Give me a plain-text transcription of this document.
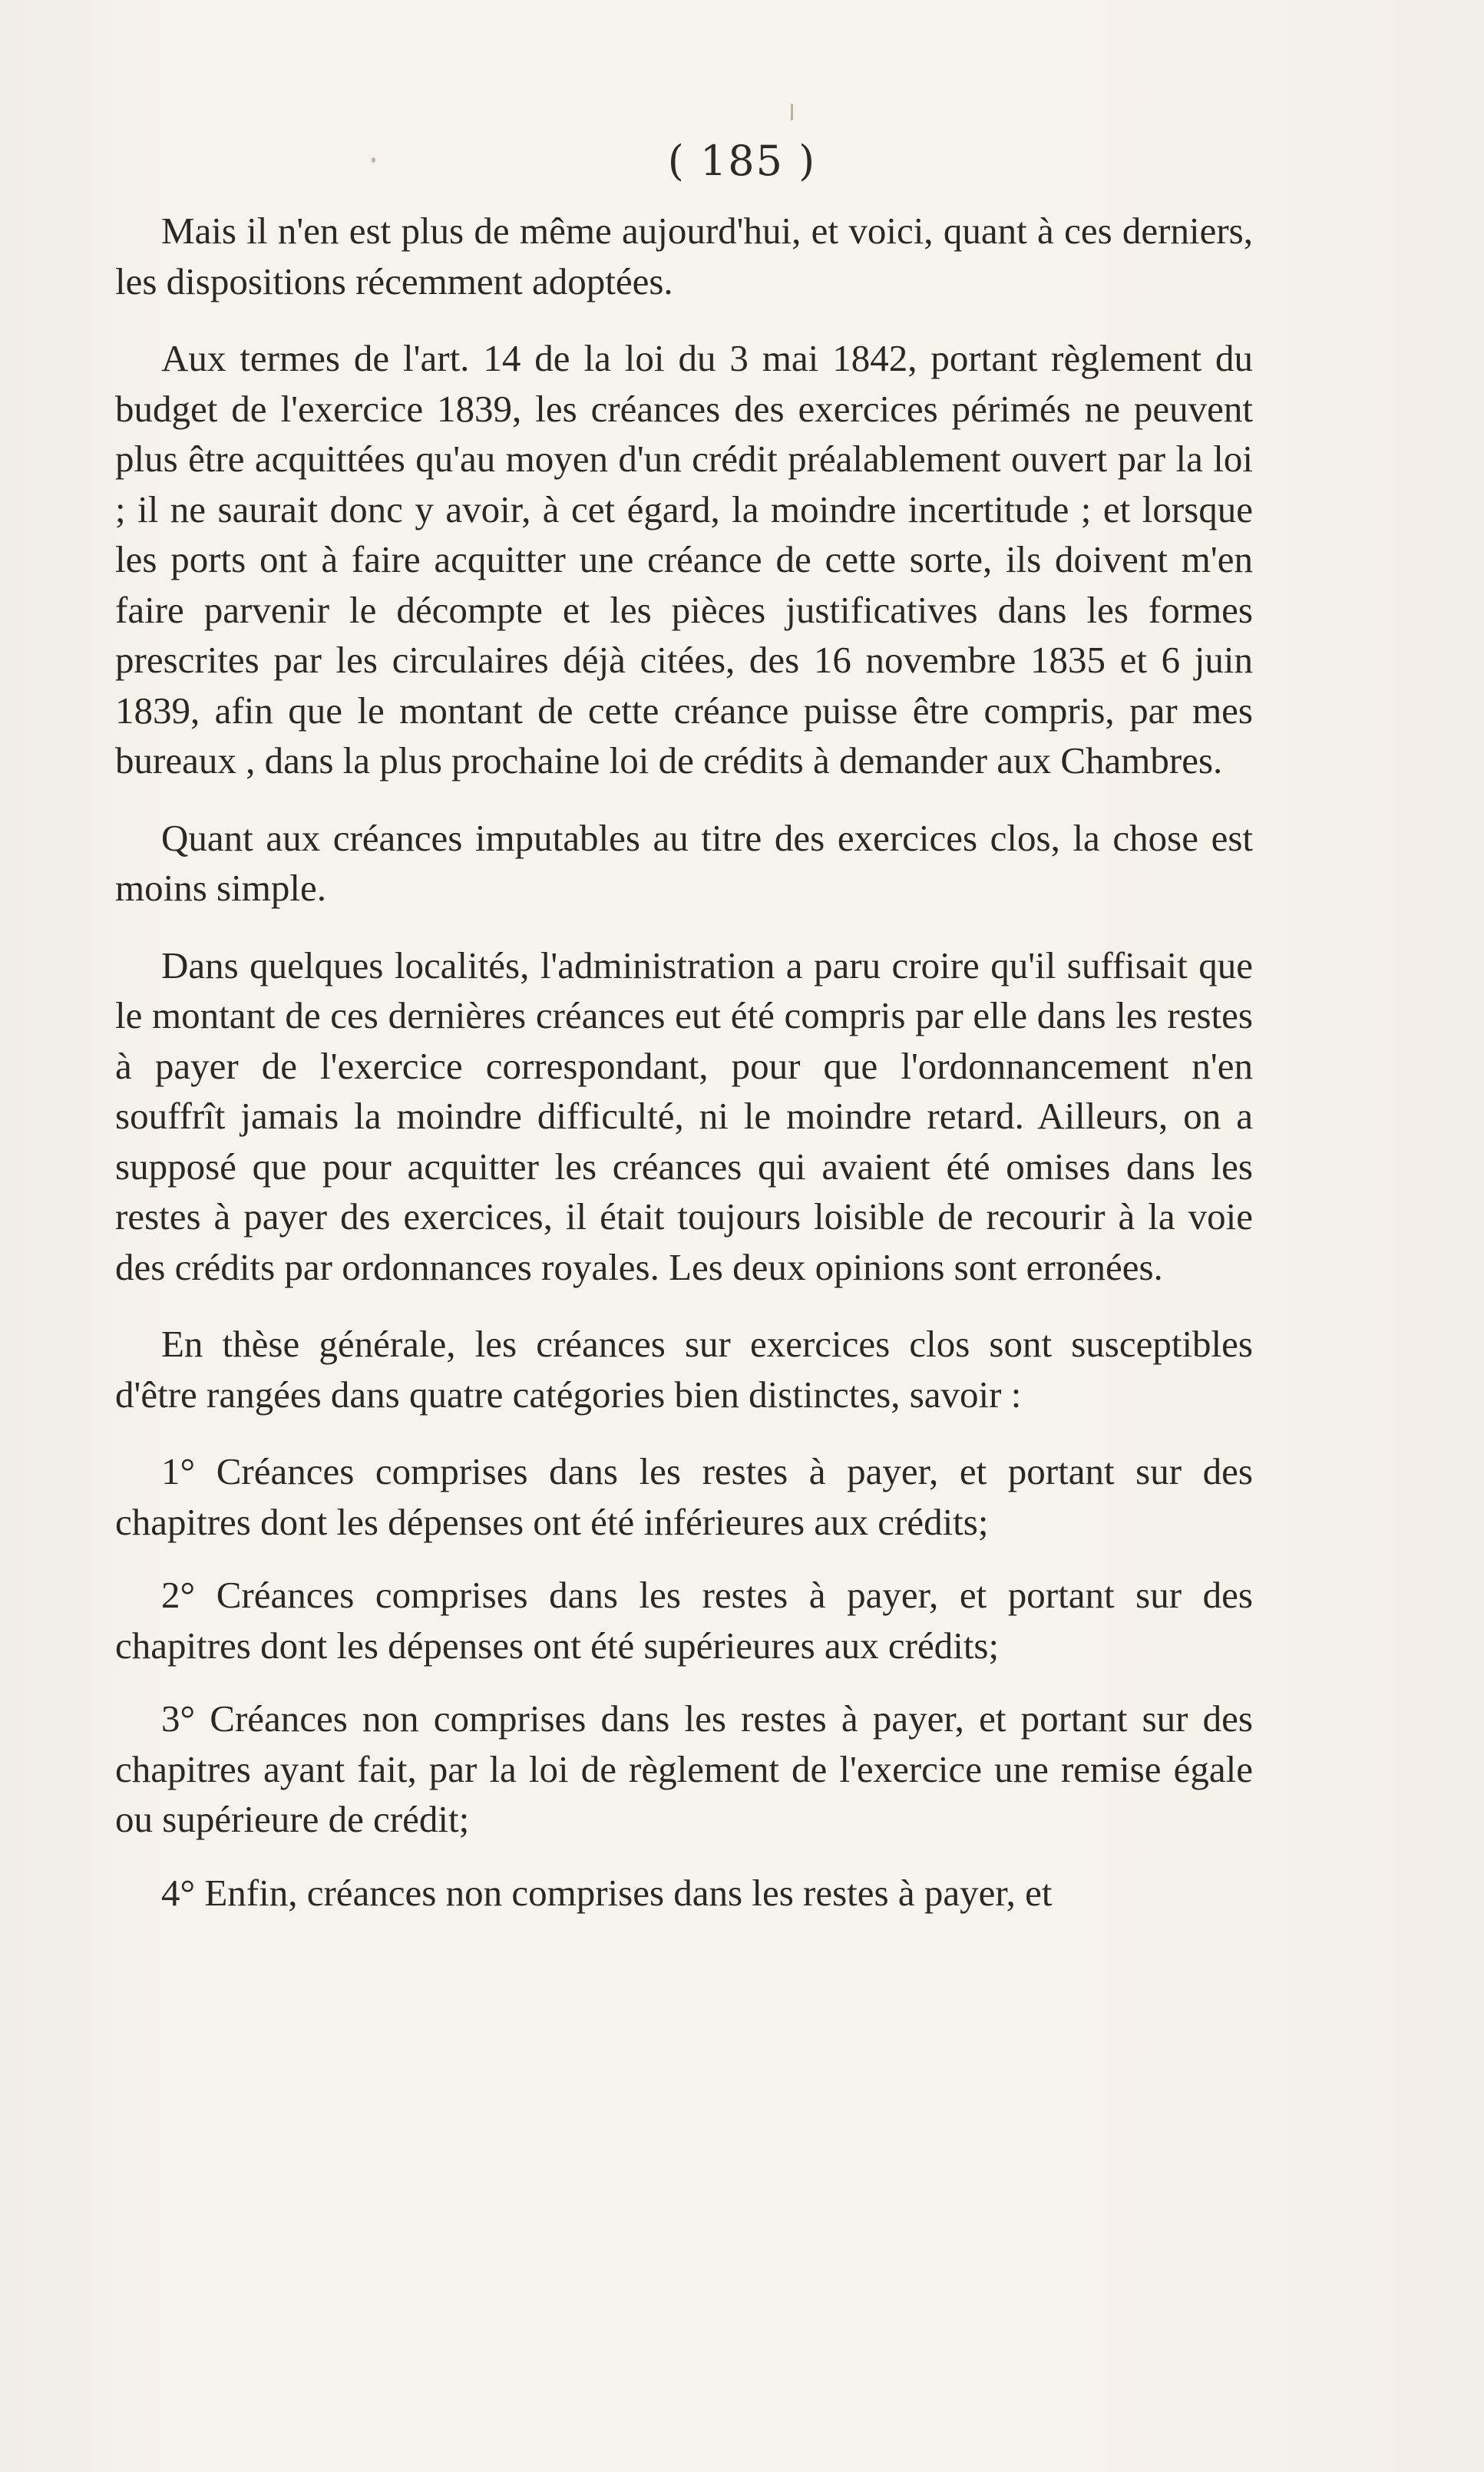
( 185 )

Mais il n'en est plus de même aujourd'hui, et voici, quant à ces derniers, les dispositions récemment adoptées.

Aux termes de l'art. 14 de la loi du 3 mai 1842, portant règlement du budget de l'exercice 1839, les créances des exercices périmés ne peuvent plus être acquittées qu'au moyen d'un crédit préalablement ouvert par la loi ; il ne saurait donc y avoir, à cet égard, la moindre incertitude ; et lorsque les ports ont à faire acquitter une créance de cette sorte, ils doivent m'en faire parvenir le décompte et les pièces justificatives dans les formes prescrites par les circulaires déjà citées, des 16 novembre 1835 et 6 juin 1839, afin que le montant de cette créance puisse être compris, par mes bureaux , dans la plus prochaine loi de crédits à demander aux Chambres.

Quant aux créances imputables au titre des exercices clos, la chose est moins simple.

Dans quelques localités, l'administration a paru croire qu'il suffisait que le montant de ces dernières créances eut été compris par elle dans les restes à payer de l'exercice correspondant, pour que l'ordonnancement n'en souffrît jamais la moindre difficulté, ni le moindre retard. Ailleurs, on a supposé que pour acquitter les créances qui avaient été omises dans les restes à payer des exercices, il était toujours loisible de recourir à la voie des crédits par ordonnances royales. Les deux opinions sont erronées.

En thèse générale, les créances sur exercices clos sont susceptibles d'être rangées dans quatre catégories bien distinctes, savoir :

1° Créances comprises dans les restes à payer, et portant sur des chapitres dont les dépenses ont été inférieures aux crédits;

2° Créances comprises dans les restes à payer, et portant sur des chapitres dont les dépenses ont été supérieures aux crédits;

3° Créances non comprises dans les restes à payer, et portant sur des chapitres ayant fait, par la loi de règlement de l'exercice une remise égale ou supérieure de crédit;

4° Enfin, créances non comprises dans les restes à payer, et
